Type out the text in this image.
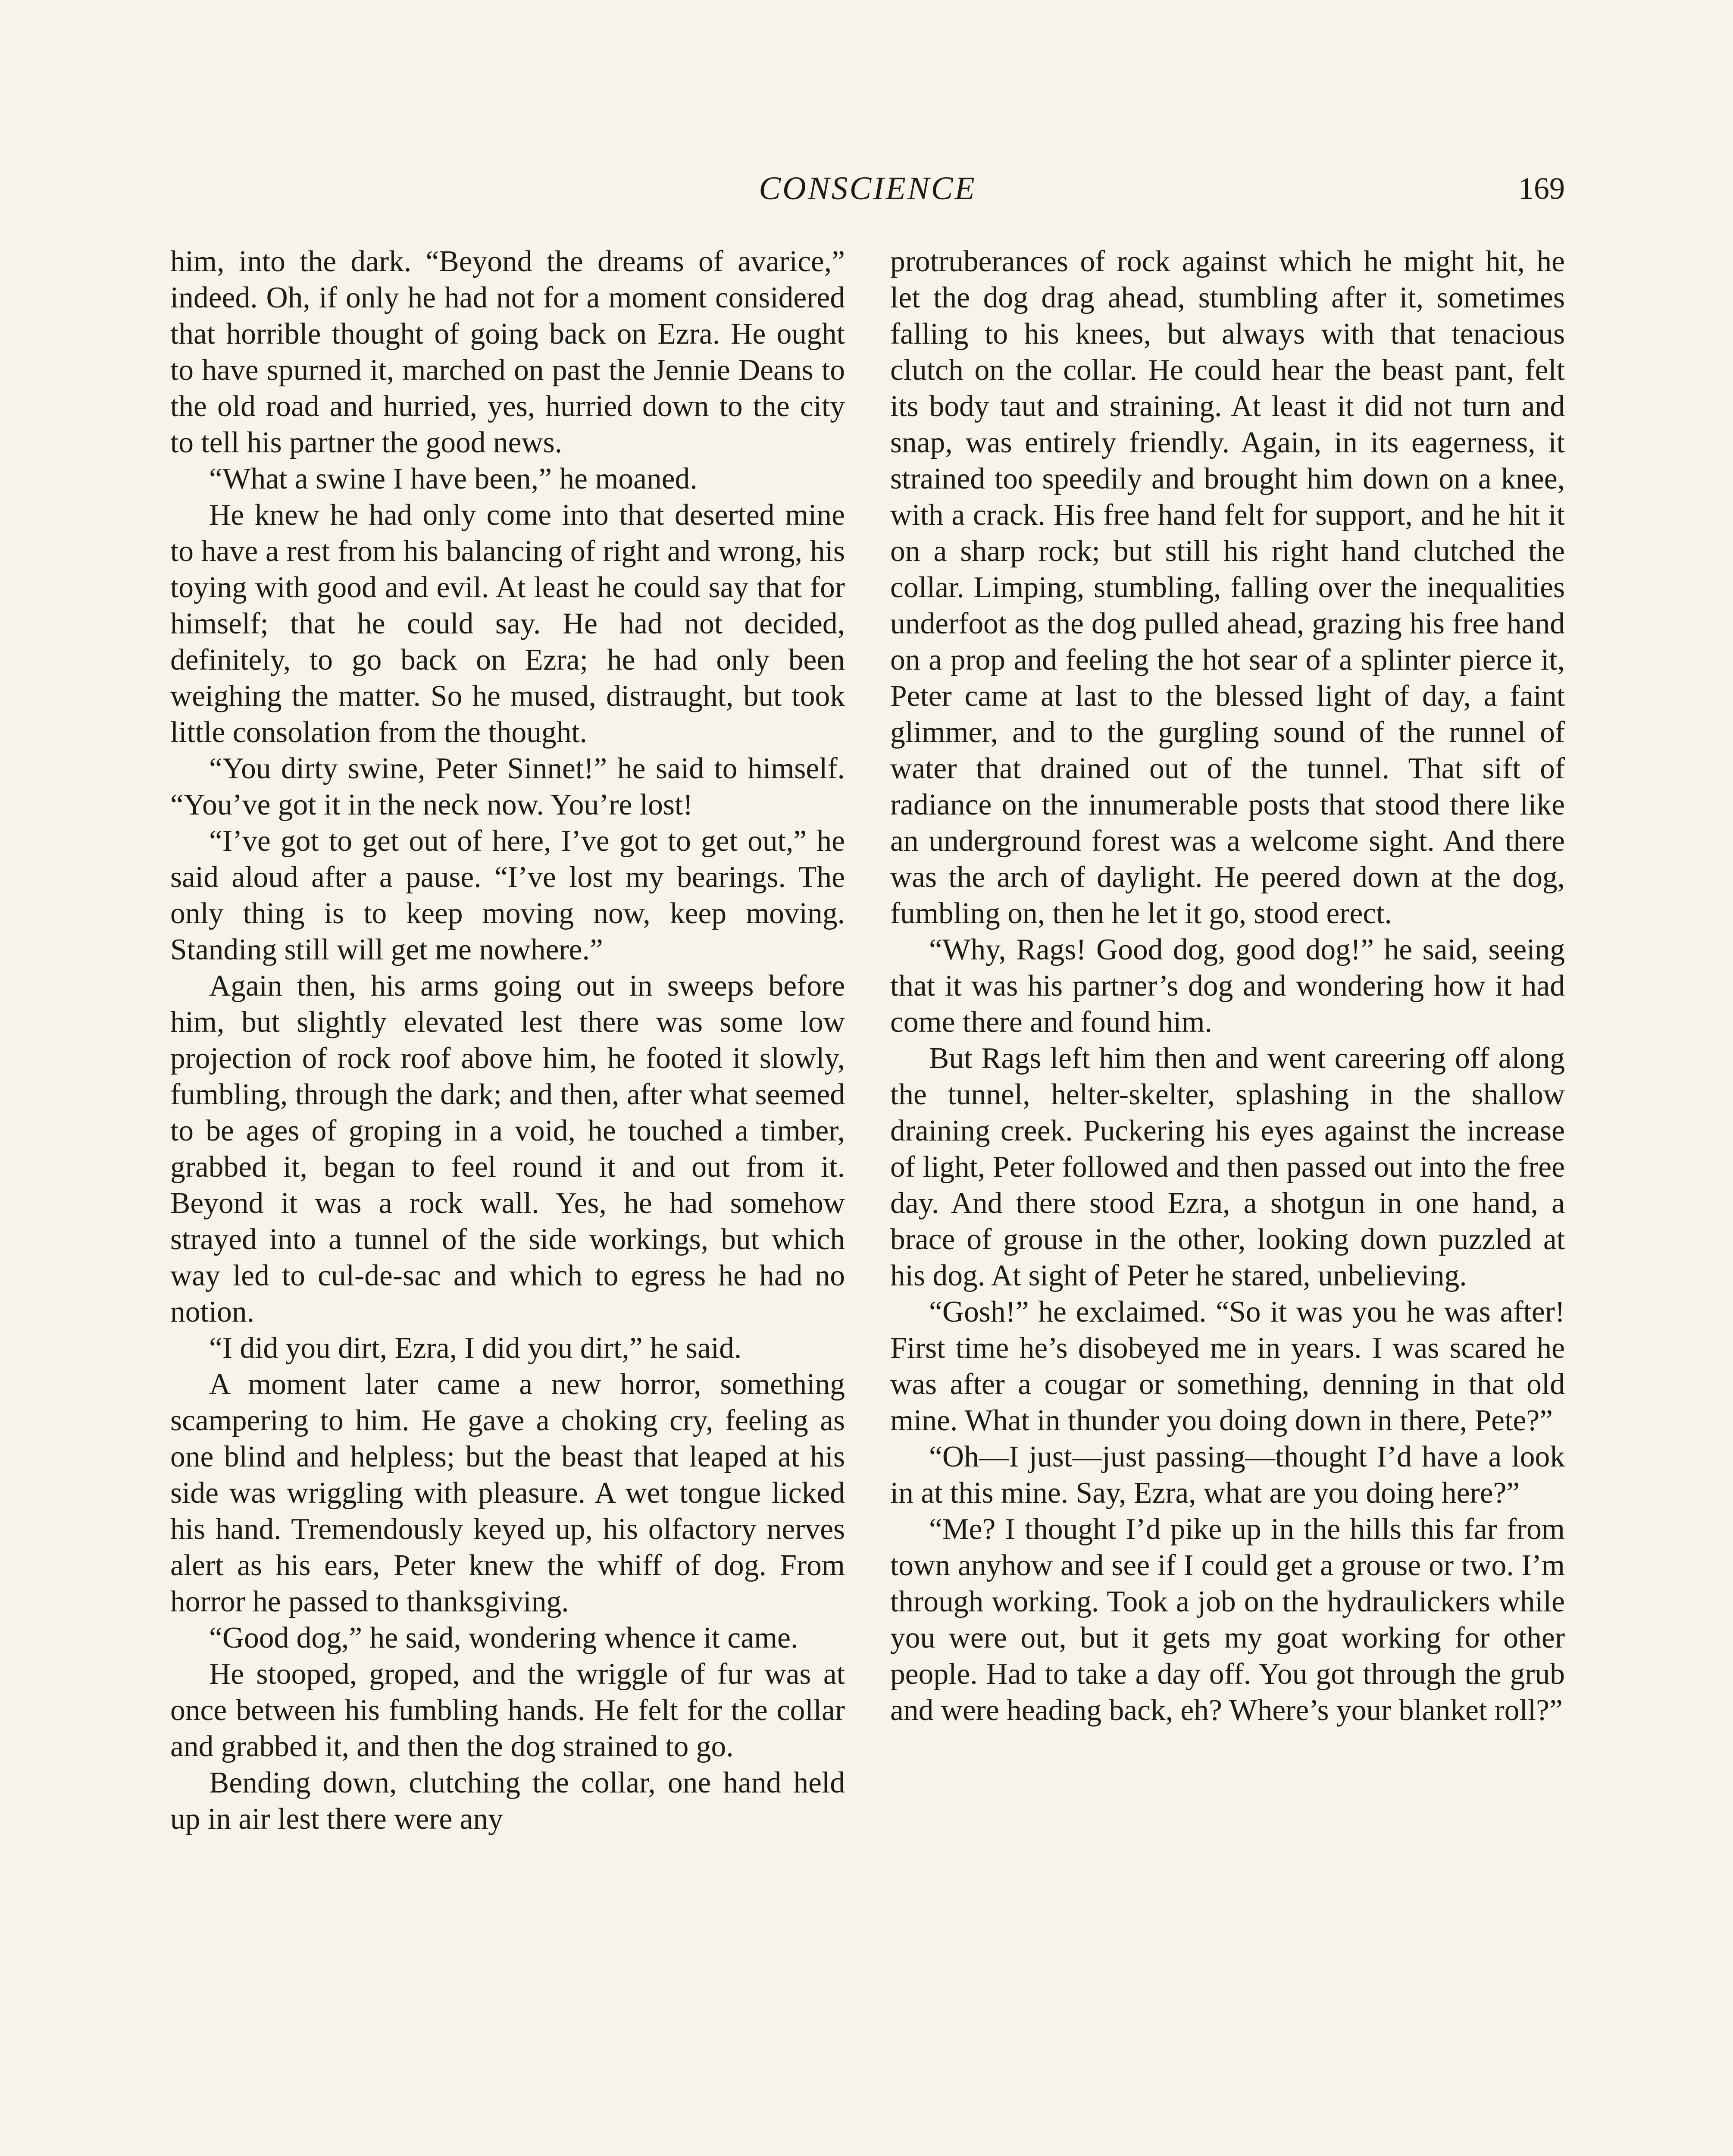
CONSCIENCE	169

him, into the dark. “Beyond the dreams of avarice,” indeed. Oh, if only he had not for a moment considered that horrible thought of going back on Ezra. He ought to have spurned it, marched on past the Jennie Deans to the old road and hurried, yes, hurried down to the city to tell his partner the good news.

“What a swine I have been,” he moaned.

He knew he had only come into that deserted mine to have a rest from his balancing of right and wrong, his toying with good and evil. At least he could say that for himself; that he could say. He had not decided, definitely, to go back on Ezra; he had only been weighing the matter. So he mused, distraught, but took little consolation from the thought.

“You dirty swine, Peter Sinnet!” he said to himself. “You’ve got it in the neck now. You’re lost!

“I’ve got to get out of here, I’ve got to get out,” he said aloud after a pause. “I’ve lost my bearings. The only thing is to keep moving now, keep moving. Standing still will get me nowhere.”

Again then, his arms going out in sweeps before him, but slightly elevated lest there was some low projection of rock roof above him, he footed it slowly, fumbling, through the dark; and then, after what seemed to be ages of groping in a void, he touched a timber, grabbed it, began to feel round it and out from it. Beyond it was a rock wall. Yes, he had somehow strayed into a tunnel of the side workings, but which way led to cul-de-sac and which to egress he had no notion.

“I did you dirt, Ezra, I did you dirt,” he said.

A moment later came a new horror, something scampering to him. He gave a choking cry, feeling as one blind and helpless; but the beast that leaped at his side was wriggling with pleasure. A wet tongue licked his hand. Tremendously keyed up, his olfactory nerves alert as his ears, Peter knew the whiff of dog. From horror he passed to thanksgiving.

“Good dog,” he said, wondering whence it came.

He stooped, groped, and the wriggle of fur was at once between his fumbling hands. He felt for the collar and grabbed it, and then the dog strained to go.

Bending down, clutching the collar, one hand held up in air lest there were any

protruberances of rock against which he might hit, he let the dog drag ahead, stumbling after it, sometimes falling to his knees, but always with that tenacious clutch on the collar. He could hear the beast pant, felt its body taut and straining. At least it did not turn and snap, was entirely friendly. Again, in its eagerness, it strained too speedily and brought him down on a knee, with a crack. His free hand felt for support, and he hit it on a sharp rock; but still his right hand clutched the collar. Limping, stumbling, falling over the inequalities underfoot as the dog pulled ahead, grazing his free hand on a prop and feeling the hot sear of a splinter pierce it, Peter came at last to the blessed light of day, a faint glimmer, and to the gurgling sound of the runnel of water that drained out of the tunnel. That sift of radiance on the innumerable posts that stood there like an underground forest was a welcome sight. And there was the arch of daylight. He peered down at the dog, fumbling on, then he let it go, stood erect.

“Why, Rags! Good dog, good dog!” he said, seeing that it was his partner’s dog and wondering how it had come there and found him.

But Rags left him then and went careering off along the tunnel, helter-skelter, splashing in the shallow draining creek. Puckering his eyes against the increase of light, Peter followed and then passed out into the free day. And there stood Ezra, a shotgun in one hand, a brace of grouse in the other, looking down puzzled at his dog. At sight of Peter he stared, unbelieving.

“Gosh!” he exclaimed. “So it was you he was after! First time he’s disobeyed me in years. I was scared he was after a cougar or something, denning in that old mine. What in thunder you doing down in there, Pete?”

“Oh—I just—just passing—thought I’d have a look in at this mine. Say, Ezra, what are you doing here?”

“Me? I thought I’d pike up in the hills this far from town anyhow and see if I could get a grouse or two. I’m through working. Took a job on the hydraulickers while you were out, but it gets my goat working for other people. Had to take a day off. You got through the grub and were heading back, eh? Where’s your blanket roll?”
